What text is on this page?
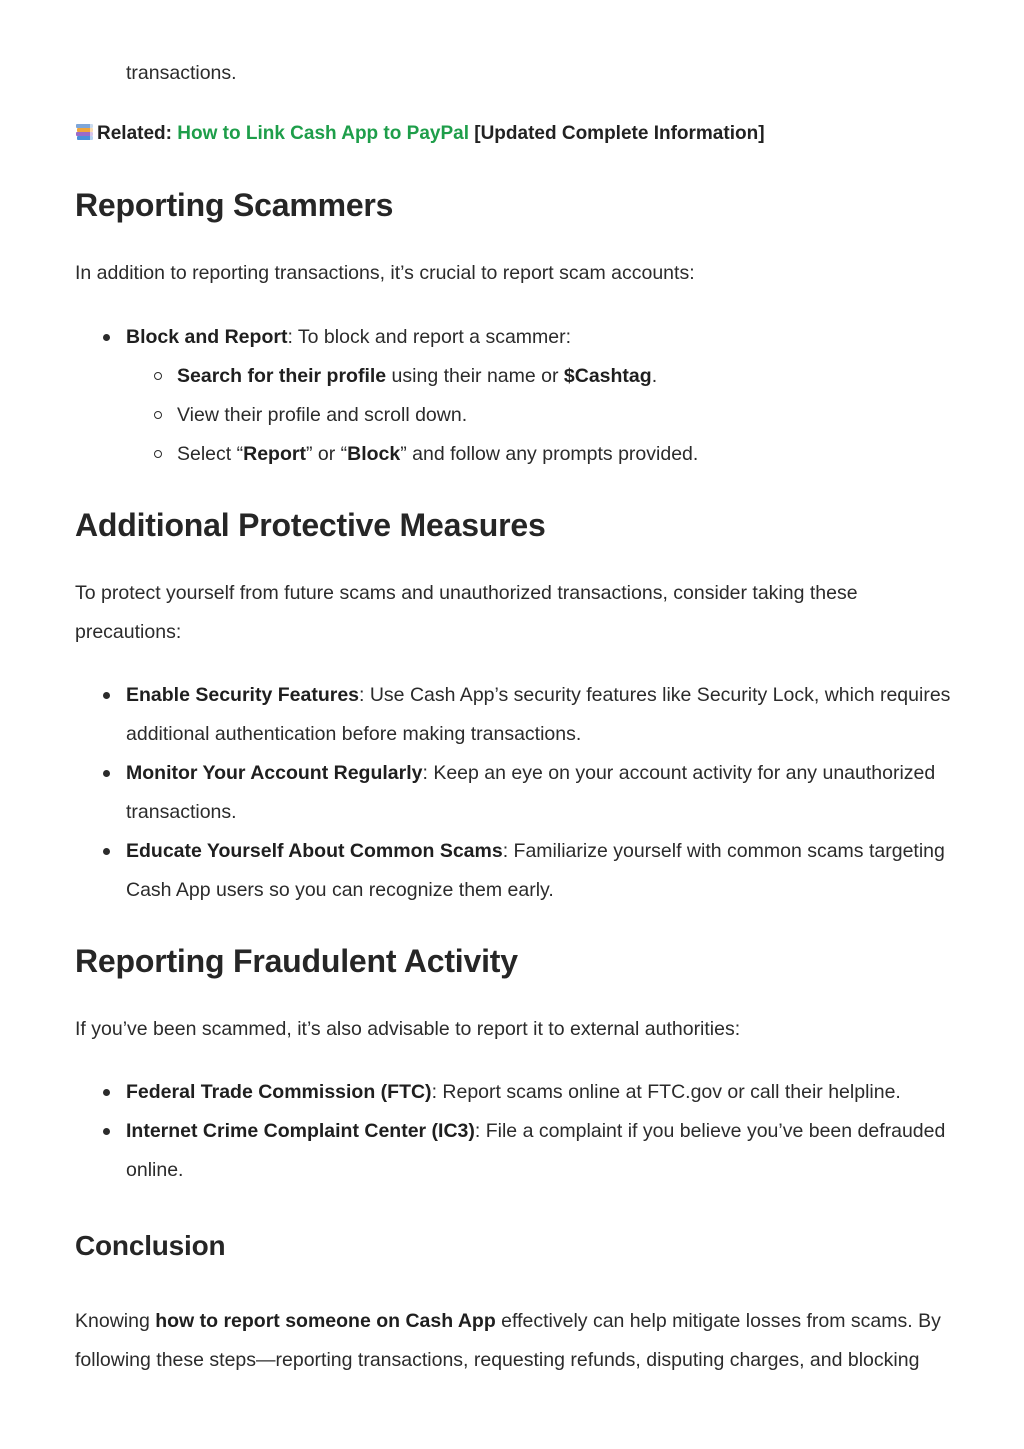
transactions.

Related: How to Link Cash App to PayPal [Updated Complete Information]

Reporting Scammers

In addition to reporting transactions, it’s crucial to report scam accounts:

Block and Report: To block and report a scammer:
Search for their profile using their name or $Cashtag.
View their profile and scroll down.
Select “Report” or “Block” and follow any prompts provided.
Additional Protective Measures

To protect yourself from future scams and unauthorized transactions, consider taking these precautions:

Enable Security Features: Use Cash App’s security features like Security Lock, which requires additional authentication before making transactions.
Monitor Your Account Regularly: Keep an eye on your account activity for any unauthorized transactions.
Educate Yourself About Common Scams: Familiarize yourself with common scams targeting Cash App users so you can recognize them early.
Reporting Fraudulent Activity

If you’ve been scammed, it’s also advisable to report it to external authorities:

Federal Trade Commission (FTC): Report scams online at FTC.gov or call their helpline.
Internet Crime Complaint Center (IC3): File a complaint if you believe you’ve been defrauded online.
Conclusion

Knowing how to report someone on Cash App effectively can help mitigate losses from scams. By following these steps—reporting transactions, requesting refunds, disputing charges, and blocking
